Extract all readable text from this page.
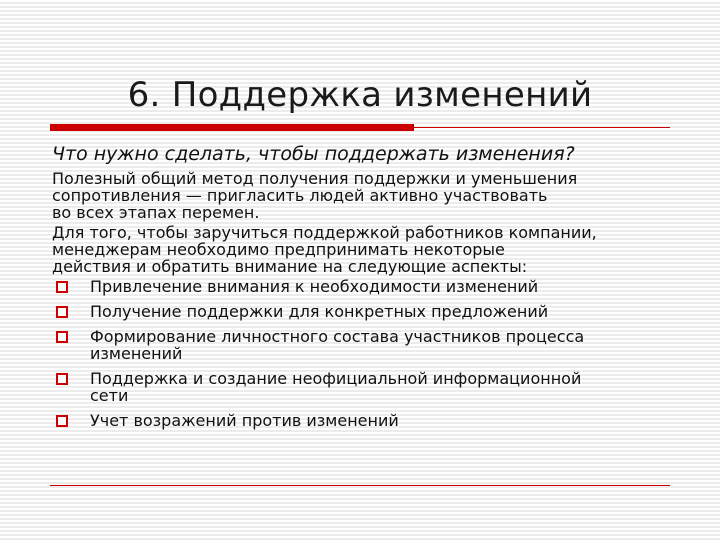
6. Поддержка изменений
Что нужно сделать, чтобы поддержать изменения?

Полезный общий метод получения поддержки и уменьшения
сопротивления — пригласить людей активно участвовать
во всех этапах перемен.

Для того, чтобы заручиться поддержкой работников компании,
менеджерам необходимо предпринимать некоторые
действия и обратить внимание на следующие аспекты:

Привлечение внимания к необходимости изменений
Получение поддержки для конкретных предложений
Формирование личностного состава участников процесса
изменений
Поддержка и создание неофициальной информационной
сети
Учет возражений против изменений
